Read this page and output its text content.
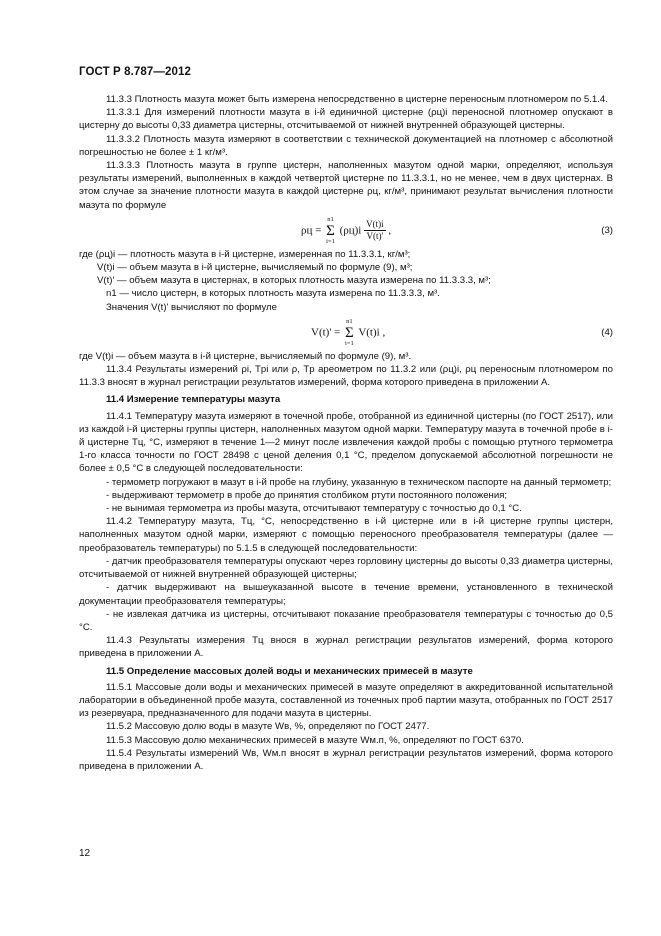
ГОСТ Р 8.787—2012

11.3.3 Плотность мазута может быть измерена непосредственно в цистерне переносным плотномером по 5.1.4.

11.3.3.1 Для измерений плотности мазута в i-й единичной цистерне (ρц)i переносной плотномер опускают в цистерну до высоты 0,33 диаметра цистерны, отсчитываемой от нижней внутренней образующей цистерны.

11.3.3.2 Плотность мазута измеряют в соответствии с технической документацией на плотномер с абсолютной погрешностью не более ± 1 кг/м³.

11.3.3.3 Плотность мазута в группе цистерн, наполненных мазутом одной марки, определяют, используя результаты измерений, выполненных в каждой четвертой цистерне по 11.3.3.1, но не менее, чем в двух цистернах. В этом случае за значение плотности мазута в каждой цистерне ρц, кг/м³, принимают результат вычисления плотности мазута по формуле

ρц =
n1
Σ
i=1
$(\rho ц)i \frac{V(t)i}{V(t)'}$ ,	(3)

где (ρц)i — плотность мазута в i-й цистерне, измеренная по 11.3.3.1, кг/м³;

V(t)i — объем мазута в i-й цистерне, вычисляемый по формуле (9), м³;

V(t)' — объем мазута в цистернах, в которых плотность мазута измерена по 11.3.3.3, м³;

n1 — число цистерн, в которых плотность мазута измерена по 11.3.3.3, м³.

Значения V(t)' вычисляют по формуле

V(t)' =
n1
Σ
i=1
V(t)i ,	(4)

где V(t)i — объем мазута в i-й цистерне, вычисляемый по формуле (9), м³.

11.3.4 Результаты измерений ρi, Tpi или ρ, Tp ареометром по 11.3.2 или (ρц)i, ρц переносным плотномером по 11.3.3 вносят в журнал регистрации результатов измерений, форма которого приведена в приложении А.

11.4 Измерение температуры мазута

11.4.1 Температуру мазута измеряют в точечной пробе, отобранной из единичной цистерны (по ГОСТ 2517), или из каждой i-й цистерны группы цистерн, наполненных мазутом одной марки. Температуру мазута в точечной пробе в i-й цистерне Тц, °С, измеряют в течение 1—2 минут после извлечения каждой пробы с помощью ртутного термометра 1-го класса точности по ГОСТ 28498 с ценой деления 0,1 °С, пределом допускаемой абсолютной погрешности не более ± 0,5 °С в следующей последовательности:

- термометр погружают в мазут в i-й пробе на глубину, указанную в техническом паспорте на данный термометр;

- выдерживают термометр в пробе до принятия столбиком ртути постоянного положения;

- не вынимая термометра из пробы мазута, отсчитывают температуру с точностью до 0,1 °С.

11.4.2 Температуру мазута, Тц, °С, непосредственно в i-й цистерне или в i-й цистерне группы цистерн, наполненных мазутом одной марки, измеряют с помощью переносного преобразователя температуры (далее — преобразователь температуры) по 5.1.5 в следующей последовательности:

- датчик преобразователя температуры опускают через горловину цистерны до высоты 0,33 диаметра цистерны, отсчитываемой от нижней внутренней образующей цистерны;

- датчик выдерживают на вышеуказанной высоте в течение времени, установленного в технической документации преобразователя температуры;

- не извлекая датчика из цистерны, отсчитывают показание преобразователя температуры с точностью до 0,5 °С.

11.4.3 Результаты измерения Тц внося в журнал регистрации результатов измерений, форма которого приведена в приложении А.

11.5 Определение массовых долей воды и механических примесей в мазуте

11.5.1 Массовые доли воды и механических примесей в мазуте определяют в аккредитованной испытательной лаборатории в объединенной пробе мазута, составленной из точечных проб партии мазута, отобранных по ГОСТ 2517 из резервуара, предназначенного для подачи мазута в цистерны.

11.5.2 Массовую долю воды в мазуте Wв, %, определяют по ГОСТ 2477.

11.5.3 Массовую долю механических примесей в мазуте Wм.п, %, определяют по ГОСТ 6370.

11.5.4 Результаты измерений Wв, Wм.п вносят в журнал регистрации результатов измерений, форма которого приведена в приложении А.

12
